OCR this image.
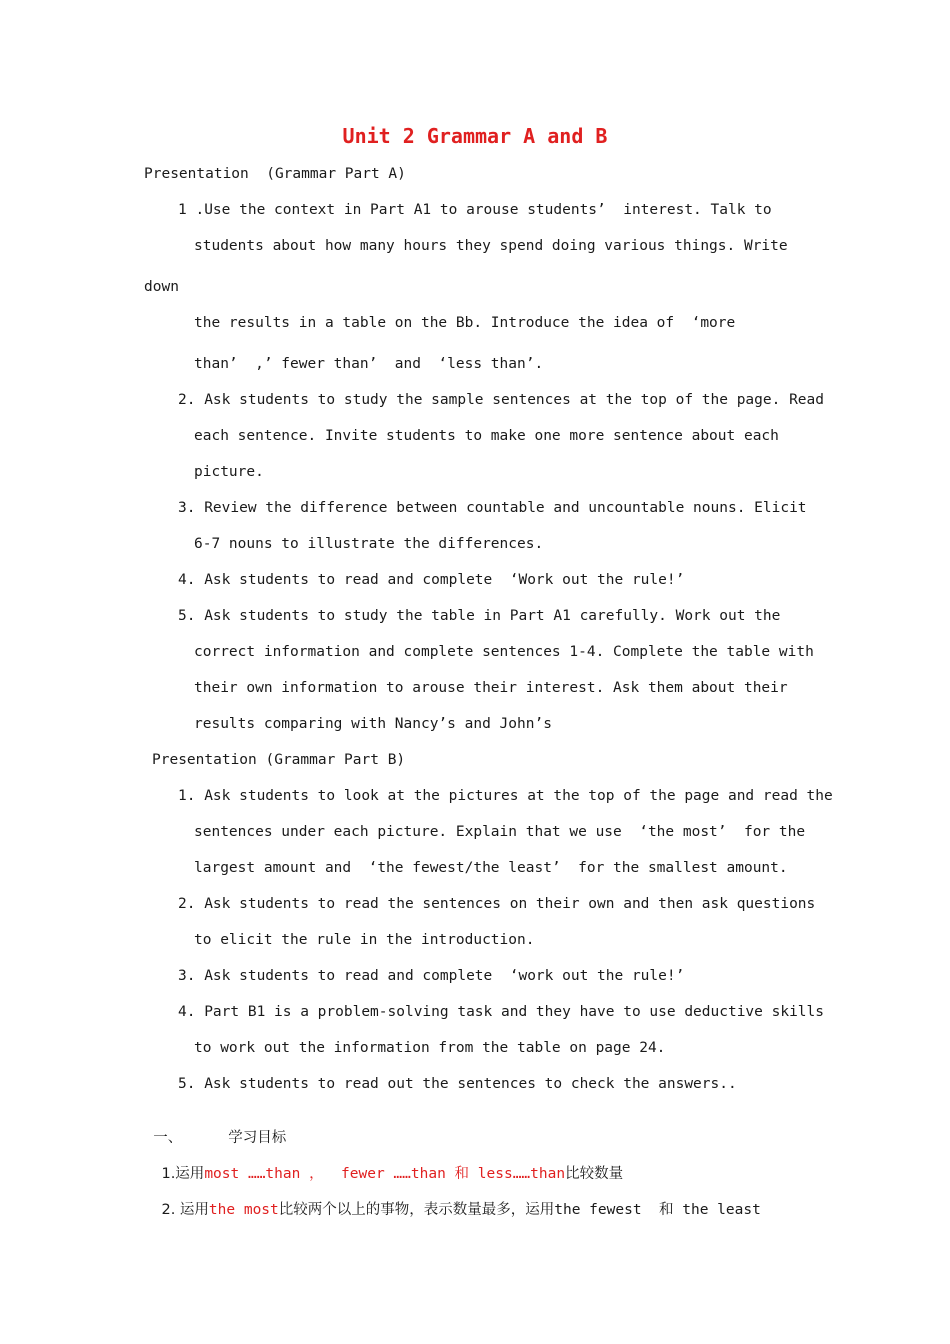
Unit 2 Grammar A and B
Presentation  (Grammar Part A)
1 .Use the context in Part A1 to arouse students’  interest. Talk to
students about how many hours they spend doing various things. Write
down
the results in a table on the Bb. Introduce the idea of  ‘more
than’  ,’ fewer than’  and  ‘less than’.
2. Ask students to study the sample sentences at the top of the page. Read
each sentence. Invite students to make one more sentence about each
picture.
3. Review the difference between countable and uncountable nouns. Elicit
6-7 nouns to illustrate the differences.
4. Ask students to read and complete  ‘Work out the rule!’
5. Ask students to study the table in Part A1 carefully. Work out the
correct information and complete sentences 1-4. Complete the table with
their own information to arouse their interest. Ask them about their
results comparing with Nancy’s and John’s
Presentation (Grammar Part B)
1. Ask students to look at the pictures at the top of the page and read the
sentences under each picture. Explain that we use  ‘the most’  for the
largest amount and  ‘the fewest/the least’  for the smallest amount.
2. Ask students to read the sentences on their own and then ask questions
to elicit the rule in the introduction.
3. Ask students to read and complete  ‘work out the rule!’
4. Part B1 is a problem-solving task and they have to use deductive skills
to work out the information from the table on page 24.
5. Ask students to read out the sentences to check the answers..

一、	学习目标

1.运用most ……than ， fewer ……than 和 less……than比较数量

2. 运用the most比较两个以上的事物，表示数量最多，运用the fewest  和 the least
